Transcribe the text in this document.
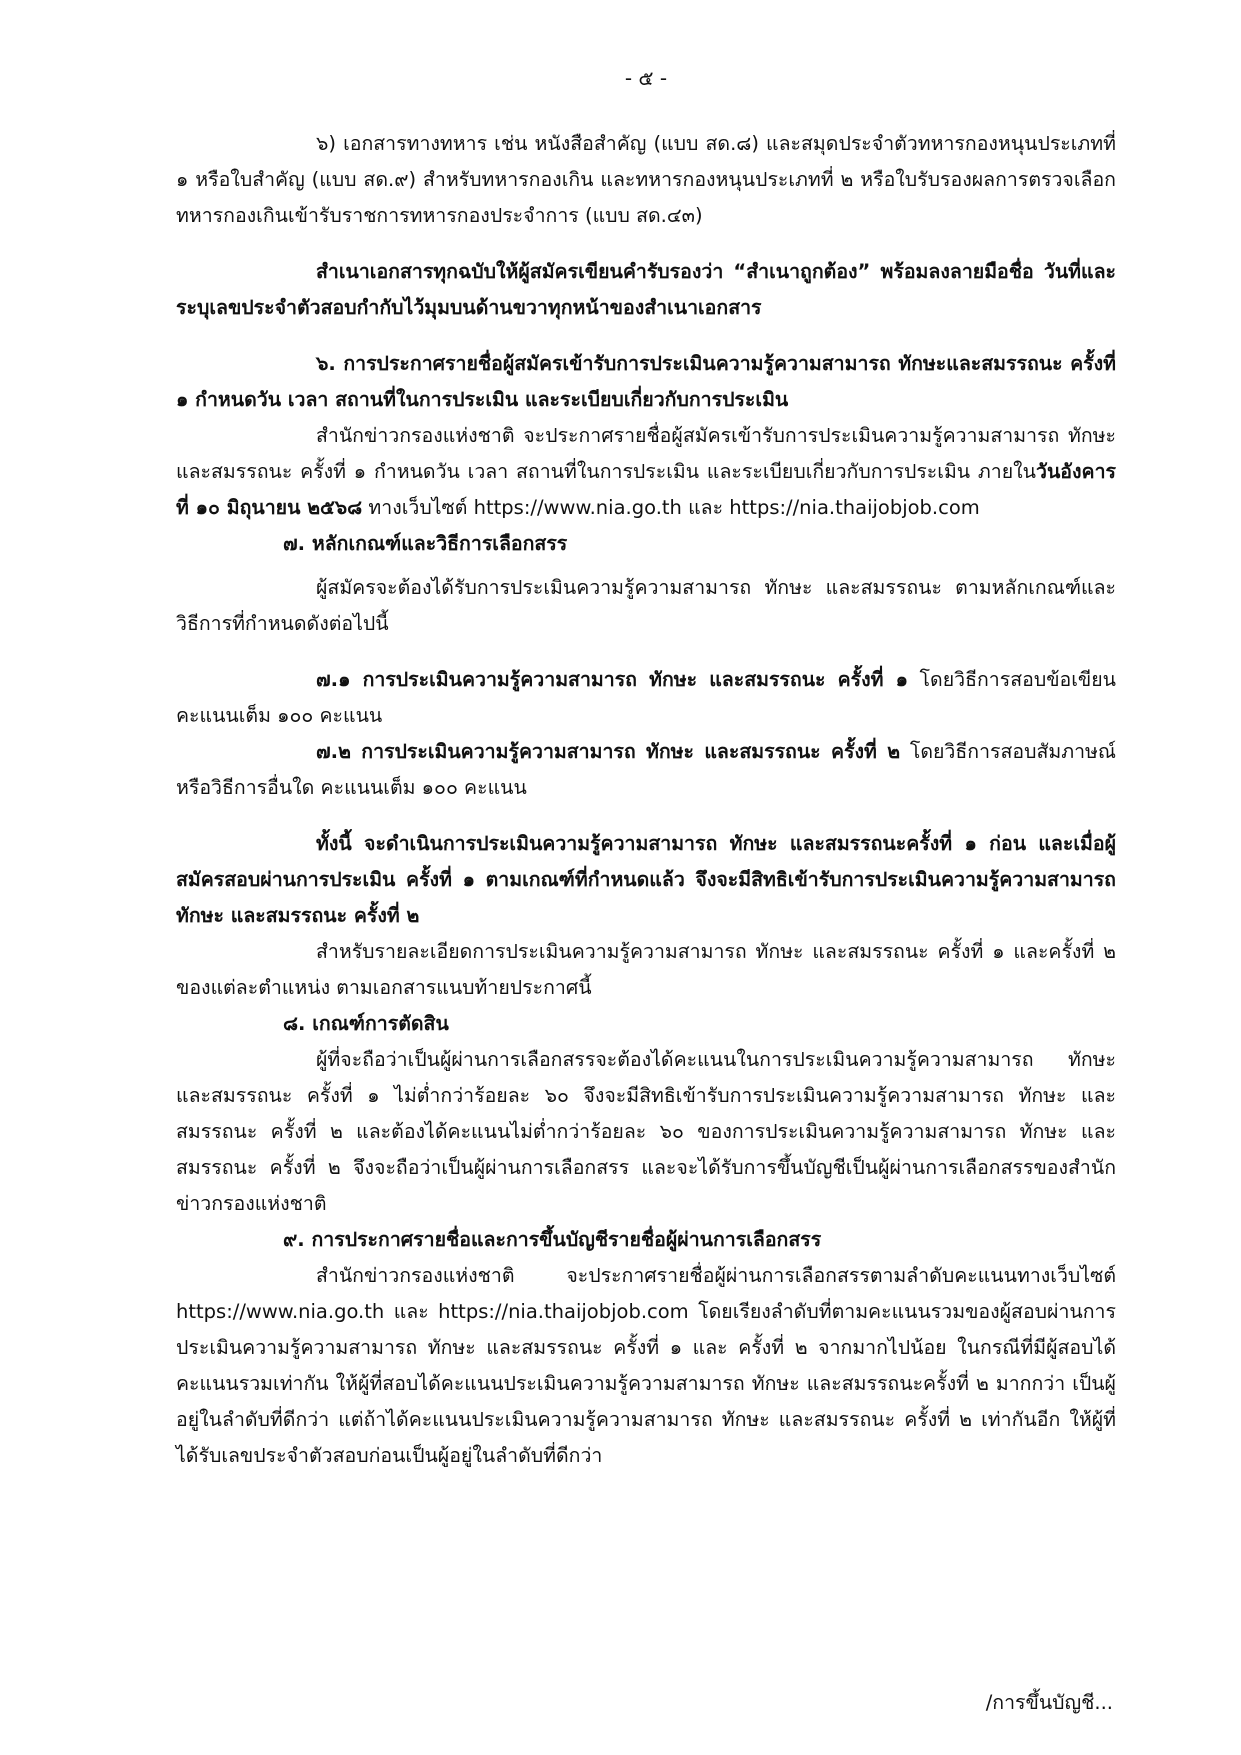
- ๕ -

๖) เอกสารทางทหาร เช่น หนังสือสำคัญ (แบบ สด.๘) และสมุดประจำตัวทหารกองหนุนประเภทที่ ๑ หรือใบสำคัญ (แบบ สด.๙) สำหรับทหารกองเกิน และทหารกองหนุนประเภทที่ ๒ หรือใบรับรองผลการตรวจเลือกทหารกองเกินเข้ารับราชการทหารกองประจำการ (แบบ สด.๔๓)

สำเนาเอกสารทุกฉบับให้ผู้สมัครเขียนคำรับรองว่า “สำเนาถูกต้อง” พร้อมลงลายมือชื่อ วันที่และระบุเลขประจำตัวสอบกำกับไว้มุมบนด้านขวาทุกหน้าของสำเนาเอกสาร

๖. การประกาศรายชื่อผู้สมัครเข้ารับการประเมินความรู้ความสามารถ ทักษะและสมรรถนะ ครั้งที่ ๑ กำหนดวัน เวลา สถานที่ในการประเมิน และระเบียบเกี่ยวกับการประเมิน

สำนักข่าวกรองแห่งชาติ จะประกาศรายชื่อผู้สมัครเข้ารับการประเมินความรู้ความสามารถ ทักษะ และสมรรถนะ ครั้งที่ ๑ กำหนดวัน เวลา สถานที่ในการประเมิน และระเบียบเกี่ยวกับการประเมิน ภายในวันอังคารที่ ๑๐ มิถุนายน ๒๕๖๘ ทางเว็บไซต์ https://www.nia.go.th และ https://nia.thaijobjob.com

๗. หลักเกณฑ์และวิธีการเลือกสรร

ผู้สมัครจะต้องได้รับการประเมินความรู้ความสามารถ ทักษะ และสมรรถนะ ตามหลักเกณฑ์และวิธีการที่กำหนดดังต่อไปนี้

๗.๑ การประเมินความรู้ความสามารถ ทักษะ และสมรรถนะ ครั้งที่ ๑ โดยวิธีการสอบข้อเขียน คะแนนเต็ม ๑๐๐ คะแนน

๗.๒ การประเมินความรู้ความสามารถ ทักษะ และสมรรถนะ ครั้งที่ ๒ โดยวิธีการสอบสัมภาษณ์หรือวิธีการอื่นใด คะแนนเต็ม ๑๐๐ คะแนน

ทั้งนี้ จะดำเนินการประเมินความรู้ความสามารถ ทักษะ และสมรรถนะครั้งที่ ๑ ก่อน และเมื่อผู้สมัครสอบผ่านการประเมิน ครั้งที่ ๑ ตามเกณฑ์ที่กำหนดแล้ว จึงจะมีสิทธิเข้ารับการประเมินความรู้ความสามารถ ทักษะ และสมรรถนะ ครั้งที่ ๒

สำหรับรายละเอียดการประเมินความรู้ความสามารถ ทักษะ และสมรรถนะ ครั้งที่ ๑ และครั้งที่ ๒ ของแต่ละตำแหน่ง ตามเอกสารแนบท้ายประกาศนี้

๘. เกณฑ์การตัดสิน

ผู้ที่จะถือว่าเป็นผู้ผ่านการเลือกสรรจะต้องได้คะแนนในการประเมินความรู้ความสามารถ ทักษะ และสมรรถนะ ครั้งที่ ๑ ไม่ต่ำกว่าร้อยละ ๖๐ จึงจะมีสิทธิเข้ารับการประเมินความรู้ความสามารถ ทักษะ และสมรรถนะ ครั้งที่ ๒ และต้องได้คะแนนไม่ต่ำกว่าร้อยละ ๖๐ ของการประเมินความรู้ความสามารถ ทักษะ และสมรรถนะ ครั้งที่ ๒ จึงจะถือว่าเป็นผู้ผ่านการเลือกสรร และจะได้รับการขึ้นบัญชีเป็นผู้ผ่านการเลือกสรรของสำนักข่าวกรองแห่งชาติ

๙. การประกาศรายชื่อและการขึ้นบัญชีรายชื่อผู้ผ่านการเลือกสรร

สำนักข่าวกรองแห่งชาติ จะประกาศรายชื่อผู้ผ่านการเลือกสรรตามลำดับคะแนนทางเว็บไซต์ https://www.nia.go.th และ https://nia.thaijobjob.com โดยเรียงลำดับที่ตามคะแนนรวมของผู้สอบผ่านการประเมินความรู้ความสามารถ ทักษะ และสมรรถนะ ครั้งที่ ๑ และ ครั้งที่ ๒ จากมากไปน้อย ในกรณีที่มีผู้สอบได้คะแนนรวมเท่ากัน ให้ผู้ที่สอบได้คะแนนประเมินความรู้ความสามารถ ทักษะ และสมรรถนะครั้งที่ ๒ มากกว่า เป็นผู้อยู่ในลำดับที่ดีกว่า แต่ถ้าได้คะแนนประเมินความรู้ความสามารถ ทักษะ และสมรรถนะ ครั้งที่ ๒ เท่ากันอีก ให้ผู้ที่ได้รับเลขประจำตัวสอบก่อนเป็นผู้อยู่ในลำดับที่ดีกว่า

/การขึ้นบัญชี...
